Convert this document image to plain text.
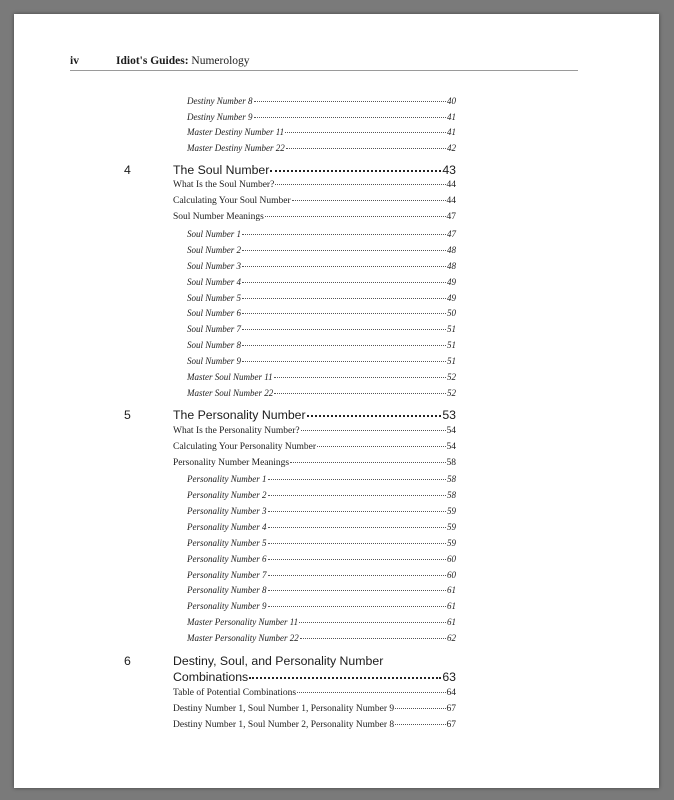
iv	Idiot's Guides: Numerology
Destiny Number 8	40
Destiny Number 9	41
Master Destiny Number 11	41
Master Destiny Number 22	42
4	The Soul Number	43
What Is the Soul Number?	44
Calculating Your Soul Number	44
Soul Number Meanings	47
Soul Number 1	47
Soul Number 2	48
Soul Number 3	48
Soul Number 4	49
Soul Number 5	49
Soul Number 6	50
Soul Number 7	51
Soul Number 8	51
Soul Number 9	51
Master Soul Number 11	52
Master Soul Number 22	52
5	The Personality Number	53
What Is the Personality Number?	54
Calculating Your Personality Number	54
Personality Number Meanings	58
Personality Number 1	58
Personality Number 2	58
Personality Number 3	59
Personality Number 4	59
Personality Number 5	59
Personality Number 6	60
Personality Number 7	60
Personality Number 8	61
Personality Number 9	61
Master Personality Number 11	61
Master Personality Number 22	62
6	Destiny, Soul, and Personality Number
Combinations	63
Table of Potential Combinations	64
Destiny Number 1, Soul Number 1, Personality Number 9	67
Destiny Number 1, Soul Number 2, Personality Number 8	67
